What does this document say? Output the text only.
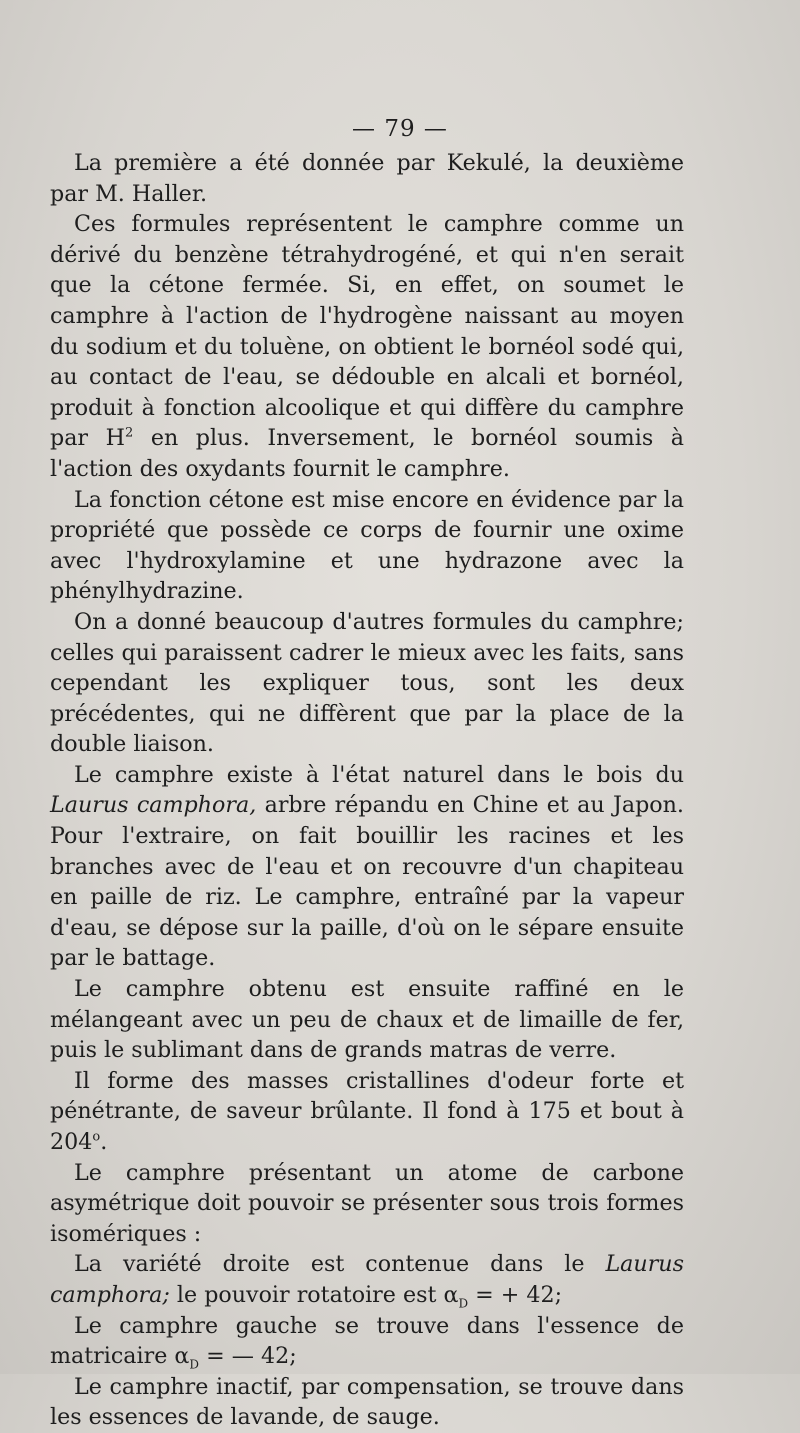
— 79 —

La première a été donnée par Kekulé, la deuxième par M. Haller.

Ces formules représentent le camphre comme un dérivé du benzène tétrahydrogéné, et qui n'en serait que la cétone fermée. Si, en effet, on soumet le camphre à l'action de l'hydrogène naissant au moyen du sodium et du toluène, on obtient le bornéol sodé qui, au contact de l'eau, se dédouble en alcali et bornéol, produit à fonction alcoolique et qui diffère du camphre par $H^2$ en plus. Inversement, le bornéol soumis à l'action des oxydants fournit le camphre.

La fonction cétone est mise encore en évidence par la propriété que possède ce corps de fournir une oxime avec l'hydroxylamine et une hydrazone avec la phénylhydrazine.

On a donné beaucoup d'autres formules du camphre; celles qui paraissent cadrer le mieux avec les faits, sans cependant les expliquer tous, sont les deux précédentes, qui ne diffèrent que par la place de la double liaison.

Le camphre existe à l'état naturel dans le bois du Laurus camphora, arbre répandu en Chine et au Japon. Pour l'extraire, on fait bouillir les racines et les branches avec de l'eau et on recouvre d'un chapiteau en paille de riz. Le camphre, entraîné par la vapeur d'eau, se dépose sur la paille, d'où on le sépare ensuite par le battage.

Le camphre obtenu est ensuite raffiné en le mélangeant avec un peu de chaux et de limaille de fer, puis le sublimant dans de grands matras de verre.

Il forme des masses cristallines d'odeur forte et pénétrante, de saveur brûlante. Il fond à 175 et bout à 204$^o$.

Le camphre présentant un atome de carbone asymétrique doit pouvoir se présenter sous trois formes isomériques :

La variété droite est contenue dans le Laurus camphora; le pouvoir rotatoire est $\alpha_D$ = + 42;

Le camphre gauche se trouve dans l'essence de matricaire $\alpha_D$ = — 42;

Le camphre inactif, par compensation, se trouve dans les essences de lavande, de sauge.
